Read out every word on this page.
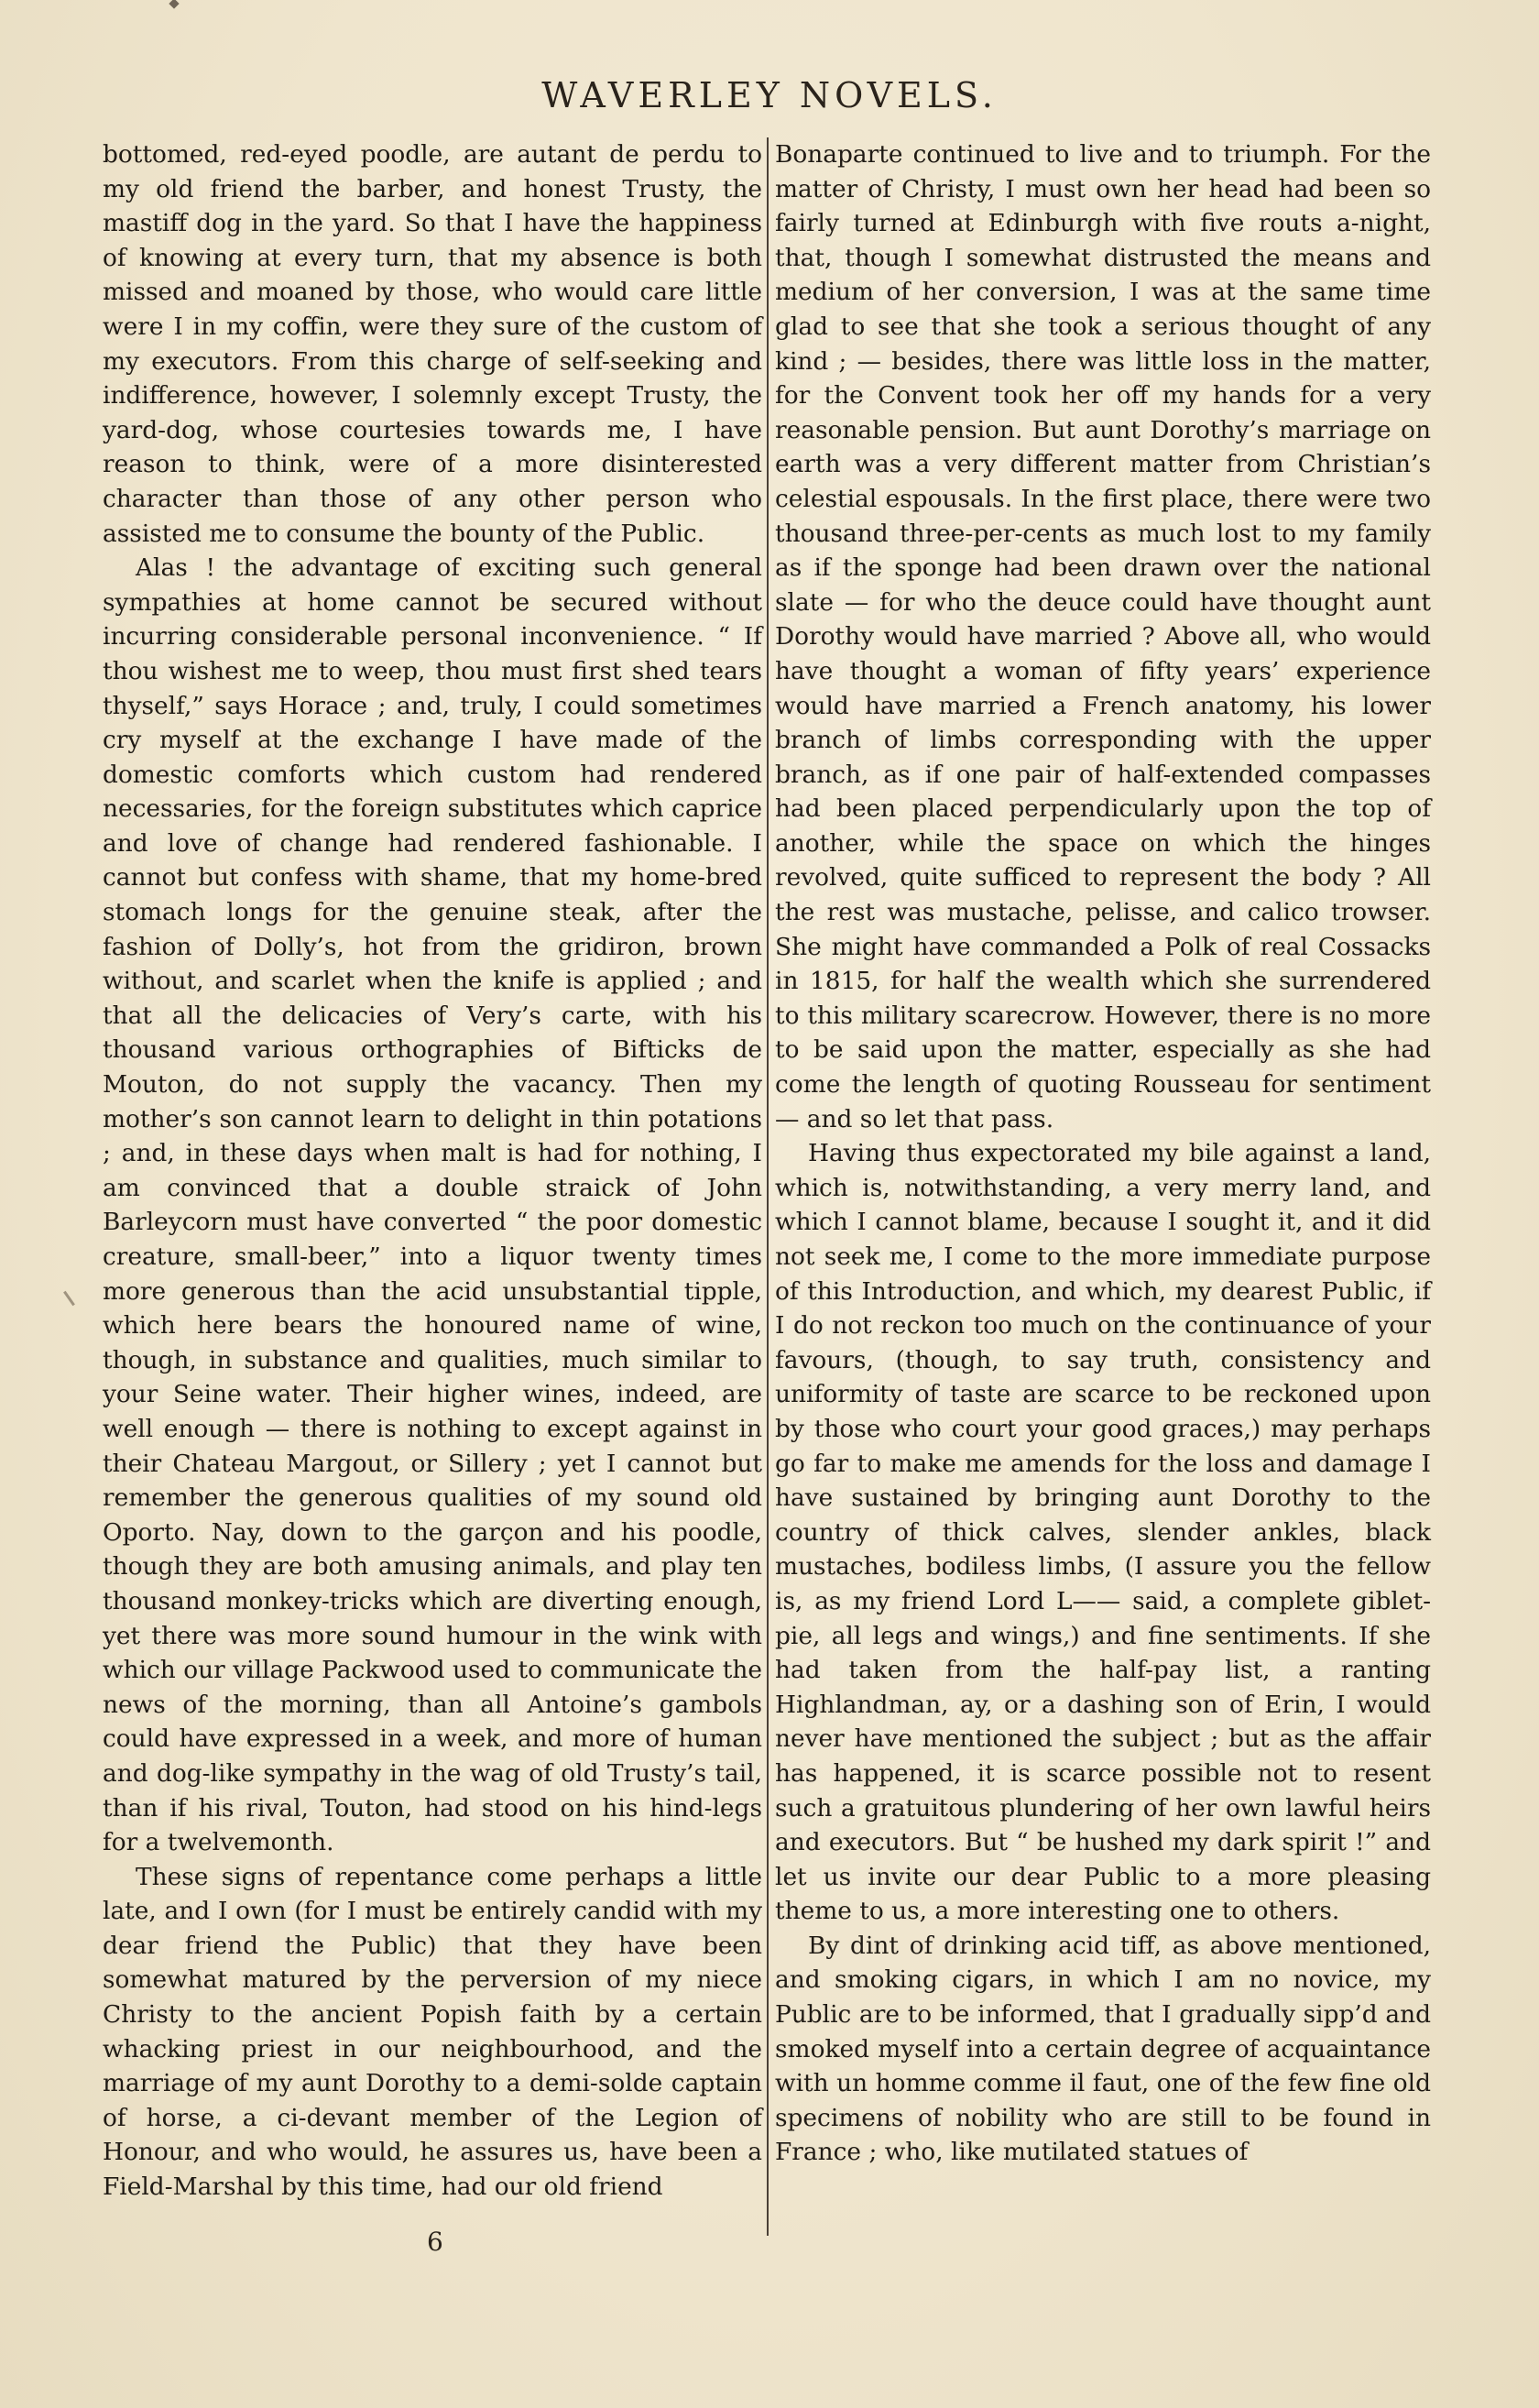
WAVERLEY NOVELS.

bottomed, red-eyed poodle, are autant de perdu to my old friend the barber, and honest Trusty, the mastiff dog in the yard. So that I have the happiness of knowing at every turn, that my absence is both missed and moaned by those, who would care little were I in my coffin, were they sure of the custom of my executors. From this charge of self-seeking and indifference, however, I solemnly except Trusty, the yard-dog, whose courtesies towards me, I have reason to think, were of a more disinterested character than those of any other person who assisted me to consume the bounty of the Public.

Alas ! the advantage of exciting such general sympathies at home cannot be secured without incurring considerable personal inconvenience. “ If thou wishest me to weep, thou must first shed tears thyself,” says Horace ; and, truly, I could sometimes cry myself at the exchange I have made of the domestic comforts which custom had rendered necessaries, for the foreign substitutes which caprice and love of change had rendered fashionable. I cannot but confess with shame, that my home-bred stomach longs for the genuine steak, after the fashion of Dolly’s, hot from the gridiron, brown without, and scarlet when the knife is applied ; and that all the delicacies of Very’s carte, with his thousand various orthographies of Bifticks de Mouton, do not supply the vacancy. Then my mother’s son cannot learn to delight in thin potations ; and, in these days when malt is had for nothing, I am convinced that a double straick of John Barleycorn must have converted “ the poor domestic creature, small-beer,” into a liquor twenty times more generous than the acid unsubstantial tipple, which here bears the honoured name of wine, though, in substance and qualities, much similar to your Seine water. Their higher wines, indeed, are well enough — there is nothing to except against in their Chateau Margout, or Sillery ; yet I cannot but remember the generous qualities of my sound old Oporto. Nay, down to the garçon and his poodle, though they are both amusing animals, and play ten thousand monkey-tricks which are diverting enough, yet there was more sound humour in the wink with which our village Packwood used to communicate the news of the morning, than all Antoine’s gambols could have expressed in a week, and more of human and dog-like sympathy in the wag of old Trusty’s tail, than if his rival, Touton, had stood on his hind-legs for a twelvemonth.

These signs of repentance come perhaps a little late, and I own (for I must be entirely candid with my dear friend the Public) that they have been somewhat matured by the perversion of my niece Christy to the ancient Popish faith by a certain whacking priest in our neighbourhood, and the marriage of my aunt Dorothy to a demi-solde captain of horse, a ci-devant member of the Legion of Honour, and who would, he assures us, have been a Field-Marshal by this time, had our old friend

Bonaparte continued to live and to triumph. For the matter of Christy, I must own her head had been so fairly turned at Edinburgh with five routs a-night, that, though I somewhat distrusted the means and medium of her conversion, I was at the same time glad to see that she took a serious thought of any kind ; — besides, there was little loss in the matter, for the Convent took her off my hands for a very reasonable pension. But aunt Dorothy’s marriage on earth was a very different matter from Christian’s celestial espousals. In the first place, there were two thousand three-per-cents as much lost to my family as if the sponge had been drawn over the national slate — for who the deuce could have thought aunt Dorothy would have married ? Above all, who would have thought a woman of fifty years’ experience would have married a French anatomy, his lower branch of limbs corresponding with the upper branch, as if one pair of half-extended compasses had been placed perpendicularly upon the top of another, while the space on which the hinges revolved, quite sufficed to represent the body ? All the rest was mustache, pelisse, and calico trowser. She might have commanded a Polk of real Cossacks in 1815, for half the wealth which she surrendered to this military scarecrow. However, there is no more to be said upon the matter, especially as she had come the length of quoting Rousseau for sentiment — and so let that pass.

Having thus expectorated my bile against a land, which is, notwithstanding, a very merry land, and which I cannot blame, because I sought it, and it did not seek me, I come to the more immediate purpose of this Introduction, and which, my dearest Public, if I do not reckon too much on the continuance of your favours, (though, to say truth, consistency and uniformity of taste are scarce to be reckoned upon by those who court your good graces,) may perhaps go far to make me amends for the loss and damage I have sustained by bringing aunt Dorothy to the country of thick calves, slender ankles, black mustaches, bodiless limbs, (I assure you the fellow is, as my friend Lord L—— said, a complete giblet-pie, all legs and wings,) and fine sentiments. If she had taken from the half-pay list, a ranting Highlandman, ay, or a dashing son of Erin, I would never have mentioned the subject ; but as the affair has happened, it is scarce possible not to resent such a gratuitous plundering of her own lawful heirs and executors. But “ be hushed my dark spirit !” and let us invite our dear Public to a more pleasing theme to us, a more interesting one to others.

By dint of drinking acid tiff, as above mentioned, and smoking cigars, in which I am no novice, my Public are to be informed, that I gradually sipp’d and smoked myself into a certain degree of acquaintance with un homme comme il faut, one of the few fine old specimens of nobility who are still to be found in France ; who, like mutilated statues of

6
